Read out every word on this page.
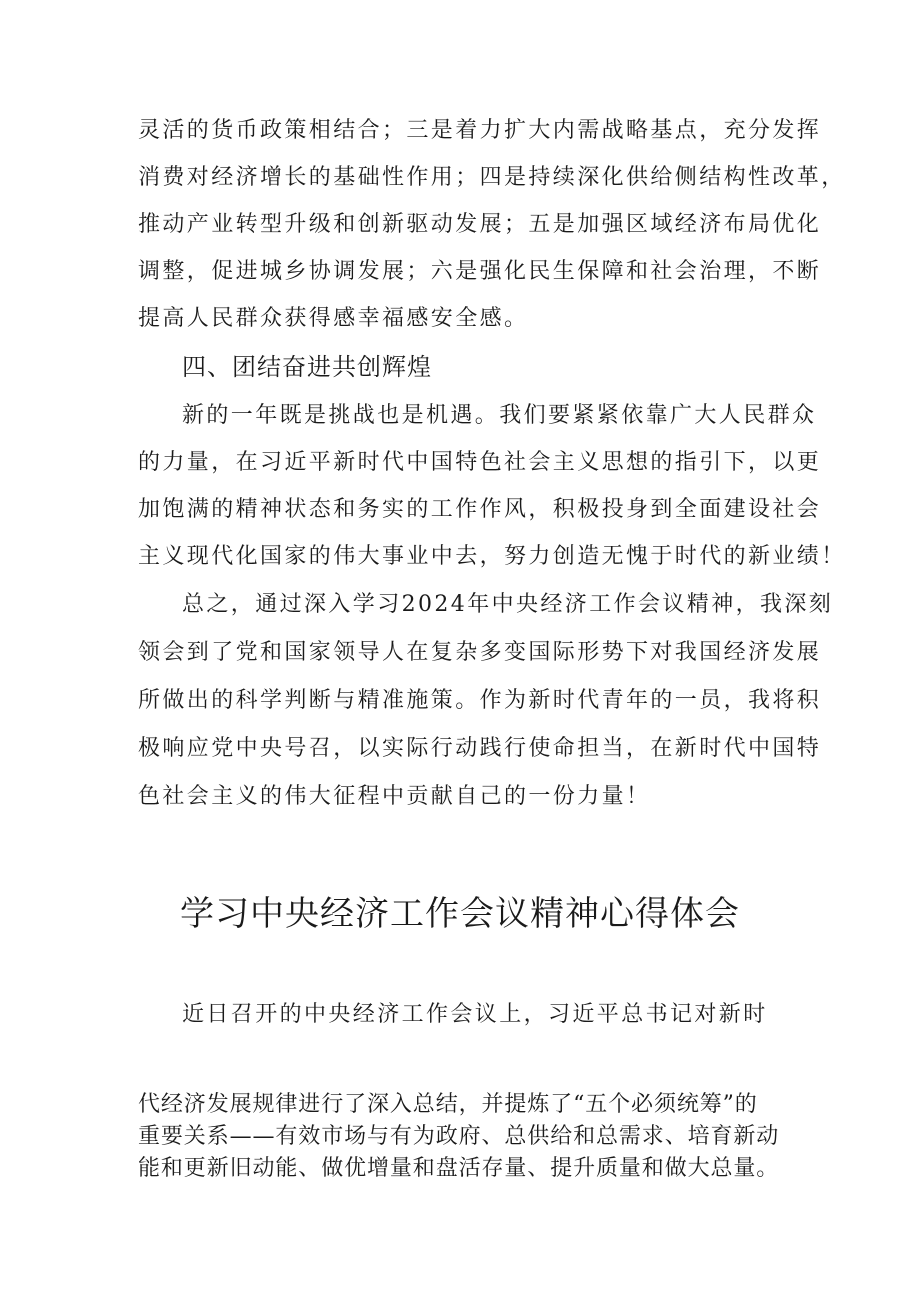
灵活的货币政策相结合；三是着力扩大内需战略基点，充分发挥
消费对经济增长的基础性作用；四是持续深化供给侧结构性改革，
推动产业转型升级和创新驱动发展；五是加强区域经济布局优化
调整，促进城乡协调发展；六是强化民生保障和社会治理，不断
提高人民群众获得感幸福感安全感。
四、团结奋进共创辉煌
新的一年既是挑战也是机遇。我们要紧紧依靠广大人民群众
的力量，在习近平新时代中国特色社会主义思想的指引下，以更
加饱满的精神状态和务实的工作作风，积极投身到全面建设社会
主义现代化国家的伟大事业中去，努力创造无愧于时代的新业绩！
总之，通过深入学习2024年中央经济工作会议精神，我深刻
领会到了党和国家领导人在复杂多变国际形势下对我国经济发展
所做出的科学判断与精准施策。作为新时代青年的一员，我将积
极响应党中央号召，以实际行动践行使命担当，在新时代中国特
色社会主义的伟大征程中贡献自己的一份力量！
学习中央经济工作会议精神心得体会
近日召开的中央经济工作会议上，习近平总书记对新时
代经济发展规律进行了深入总结，并提炼了“五个必须统筹”的
重要关系——有效市场与有为政府、总供给和总需求、培育新动
能和更新旧动能、做优增量和盘活存量、提升质量和做大总量。
